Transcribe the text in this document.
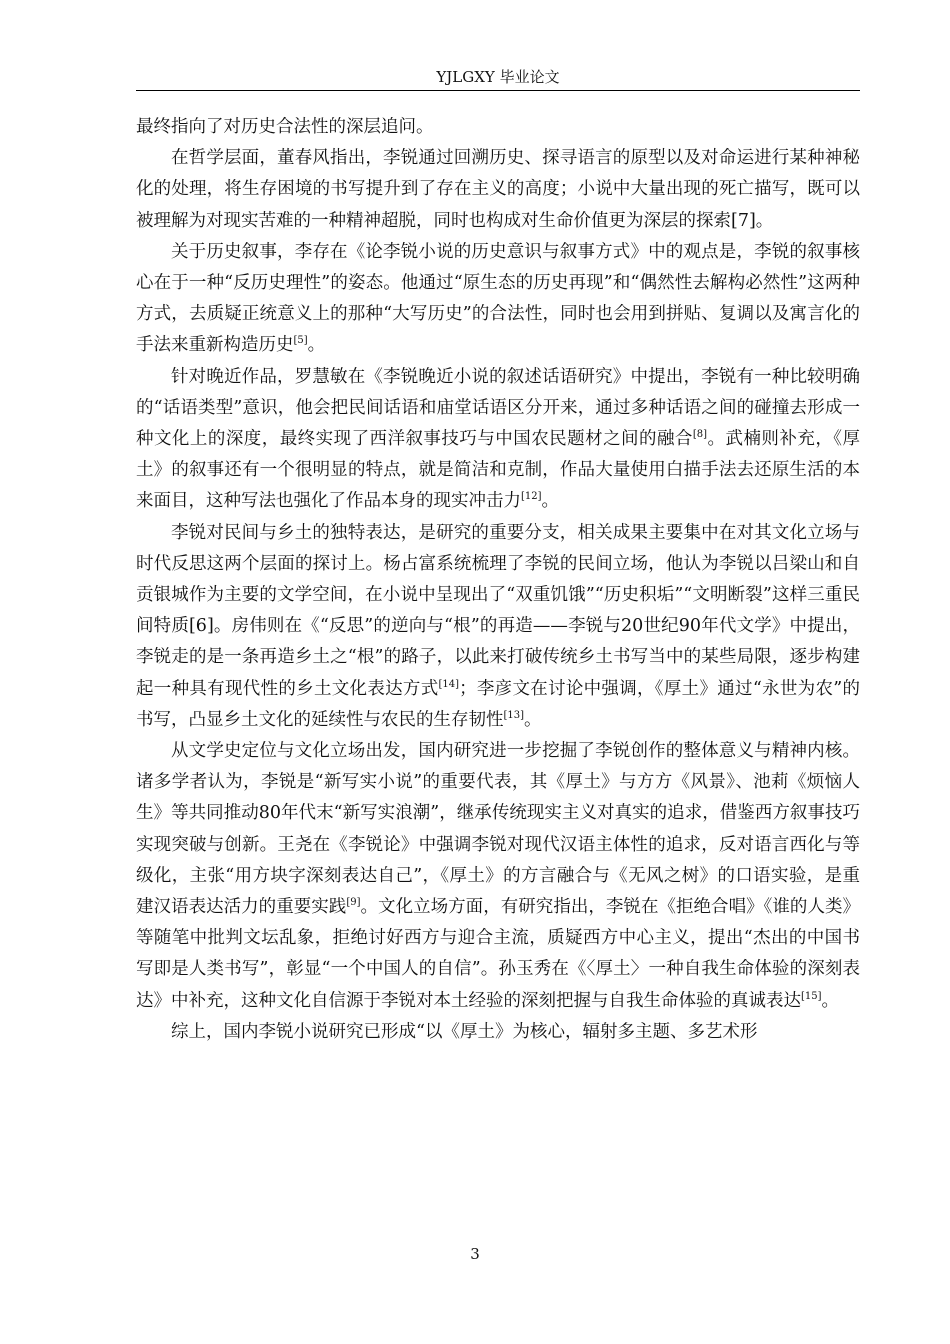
YJLGXY 毕业论文

最终指向了对历史合法性的深层追问。

在哲学层面，董春风指出，李锐通过回溯历史、探寻语言的原型以及对命运进行某种神秘化的处理，将生存困境的书写提升到了存在主义的高度；小说中大量出现的死亡描写，既可以被理解为对现实苦难的一种精神超脱，同时也构成对生命价值更为深层的探索[7]。

关于历史叙事，李存在《论李锐小说的历史意识与叙事方式》中的观点是，李锐的叙事核心在于一种“反历史理性”的姿态。他通过“原生态的历史再现”和“偶然性去解构必然性”这两种方式，去质疑正统意义上的那种“大写历史”的合法性，同时也会用到拼贴、复调以及寓言化的手法来重新构造历史[5]。

针对晚近作品，罗慧敏在《李锐晚近小说的叙述话语研究》中提出，李锐有一种比较明确的“话语类型”意识，他会把民间话语和庙堂话语区分开来，通过多种话语之间的碰撞去形成一种文化上的深度，最终实现了西洋叙事技巧与中国农民题材之间的融合[8]。武楠则补充，《厚土》的叙事还有一个很明显的特点，就是简洁和克制，作品大量使用白描手法去还原生活的本来面目，这种写法也强化了作品本身的现实冲击力[12]。

李锐对民间与乡土的独特表达，是研究的重要分支，相关成果主要集中在对其文化立场与时代反思这两个层面的探讨上。杨占富系统梳理了李锐的民间立场，他认为李锐以吕梁山和自贡银城作为主要的文学空间，在小说中呈现出了“双重饥饿”“历史积垢”“文明断裂”这样三重民间特质[6]。房伟则在《“反思”的逆向与“根”的再造——李锐与20世纪90年代文学》中提出，李锐走的是一条再造乡土之“根”的路子，以此来打破传统乡土书写当中的某些局限，逐步构建起一种具有现代性的乡土文化表达方式[14]；李彦文在讨论中强调，《厚土》通过“永世为农”的书写，凸显乡土文化的延续性与农民的生存韧性[13]。

从文学史定位与文化立场出发，国内研究进一步挖掘了李锐创作的整体意义与精神内核。诸多学者认为，李锐是“新写实小说”的重要代表，其《厚土》与方方《风景》、池莉《烦恼人生》等共同推动80年代末“新写实浪潮”，继承传统现实主义对真实的追求，借鉴西方叙事技巧实现突破与创新。王尧在《李锐论》中强调李锐对现代汉语主体性的追求，反对语言西化与等级化，主张“用方块字深刻表达自己”，《厚土》的方言融合与《无风之树》的口语实验，是重建汉语表达活力的重要实践[9]。文化立场方面，有研究指出，李锐在《拒绝合唱》《谁的人类》等随笔中批判文坛乱象，拒绝讨好西方与迎合主流，质疑西方中心主义，提出“杰出的中国书写即是人类书写”，彰显“一个中国人的自信”。孙玉秀在《〈厚土〉一种自我生命体验的深刻表达》中补充，这种文化自信源于李锐对本土经验的深刻把握与自我生命体验的真诚表达[15]。

综上，国内李锐小说研究已形成“以《厚土》为核心，辐射多主题、多艺术形

3
